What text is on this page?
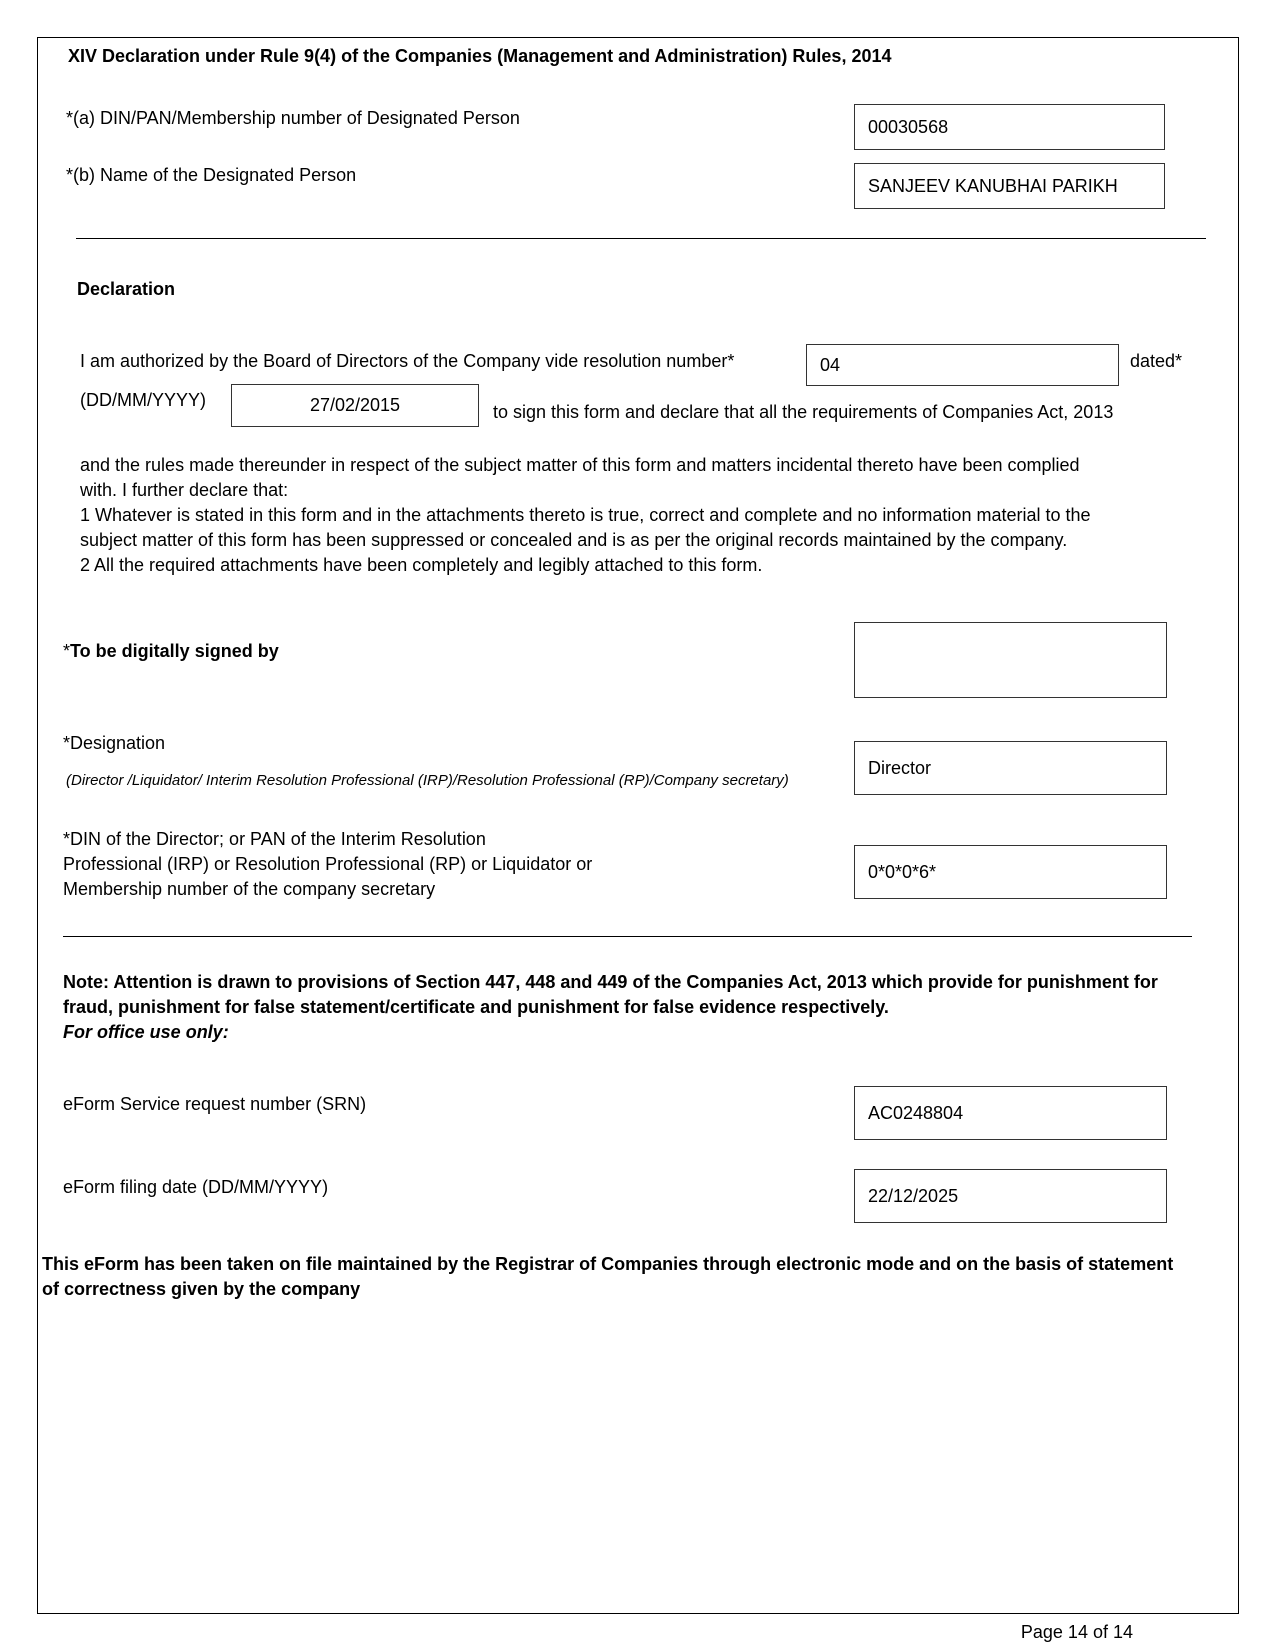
XIV Declaration under Rule 9(4) of the Companies (Management and Administration) Rules, 2014
*(a) DIN/PAN/Membership number of Designated Person	00030568
*(b) Name of the Designated Person
SANJEEV KANUBHAI PARIKH
Declaration
I am authorized by the Board of Directors of the Company vide resolution number*	04	dated*
(DD/MM/YYYY)	27/02/2015	to sign this form and declare that all the requirements of Companies Act, 2013
and the rules made thereunder in respect of the subject matter of this form and matters incidental thereto have been complied
with. I further declare that:
1 Whatever is stated in this form and in the attachments thereto is true, correct and complete and no information material to the
subject matter of this form has been suppressed or concealed and is as per the original records maintained by the company.
2 All the required attachments have been completely and legibly attached to this form.
*To be digitally signed by
*Designation
(Director /Liquidator/ Interim Resolution Professional (IRP)/Resolution Professional (RP)/Company secretary)
Director
*DIN of the Director; or PAN of the Interim Resolution
Professional (IRP) or Resolution Professional (RP) or Liquidator or
Membership number of the company secretary
0*0*0*6*
Note: Attention is drawn to provisions of Section 447, 448 and 449 of the Companies Act, 2013 which provide for punishment for
fraud, punishment for false statement/certificate and punishment for false evidence respectively.
For office use only:
eForm Service request number (SRN)	AC0248804
eForm filing date (DD/MM/YYYY)	22/12/2025
This eForm has been taken on file maintained by the Registrar of Companies through electronic mode and on the basis of statement
of correctness given by the company
Page 14 of 14
